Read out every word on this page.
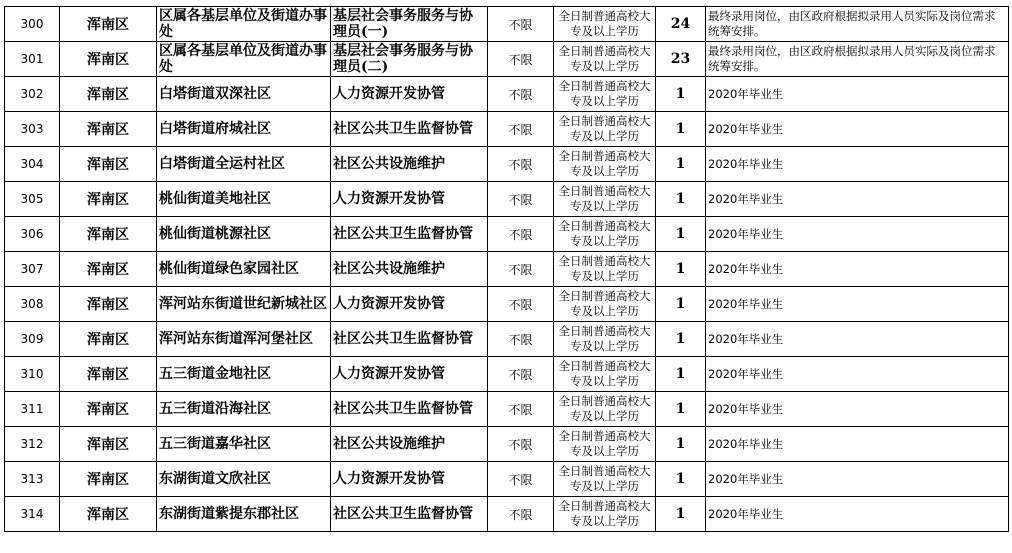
300	浑南区	区属各基层单位及街道办事处	基层社会事务服务与协理员(一)	不限	全日制普通高校大专及以上学历	24	最终录用岗位，由区政府根据拟录用人员实际及岗位需求统筹安排。
301	浑南区	区属各基层单位及街道办事处	基层社会事务服务与协理员(二)	不限	全日制普通高校大专及以上学历	23	最终录用岗位，由区政府根据拟录用人员实际及岗位需求统筹安排。
302	浑南区	白塔街道双深社区	人力资源开发协管	不限	全日制普通高校大专及以上学历	1	2020年毕业生
303	浑南区	白塔街道府城社区	社区公共卫生监督协管	不限	全日制普通高校大专及以上学历	1	2020年毕业生
304	浑南区	白塔街道全运村社区	社区公共设施维护	不限	全日制普通高校大专及以上学历	1	2020年毕业生
305	浑南区	桃仙街道美地社区	人力资源开发协管	不限	全日制普通高校大专及以上学历	1	2020年毕业生
306	浑南区	桃仙街道桃源社区	社区公共卫生监督协管	不限	全日制普通高校大专及以上学历	1	2020年毕业生
307	浑南区	桃仙街道绿色家园社区	社区公共设施维护	不限	全日制普通高校大专及以上学历	1	2020年毕业生
308	浑南区	浑河站东街道世纪新城社区	人力资源开发协管	不限	全日制普通高校大专及以上学历	1	2020年毕业生
309	浑南区	浑河站东街道浑河堡社区	社区公共卫生监督协管	不限	全日制普通高校大专及以上学历	1	2020年毕业生
310	浑南区	五三街道金地社区	人力资源开发协管	不限	全日制普通高校大专及以上学历	1	2020年毕业生
311	浑南区	五三街道沿海社区	社区公共卫生监督协管	不限	全日制普通高校大专及以上学历	1	2020年毕业生
312	浑南区	五三街道嘉华社区	社区公共设施维护	不限	全日制普通高校大专及以上学历	1	2020年毕业生
313	浑南区	东湖街道文欣社区	人力资源开发协管	不限	全日制普通高校大专及以上学历	1	2020年毕业生
314	浑南区	东湖街道紫提东郡社区	社区公共卫生监督协管	不限	全日制普通高校大专及以上学历	1	2020年毕业生
